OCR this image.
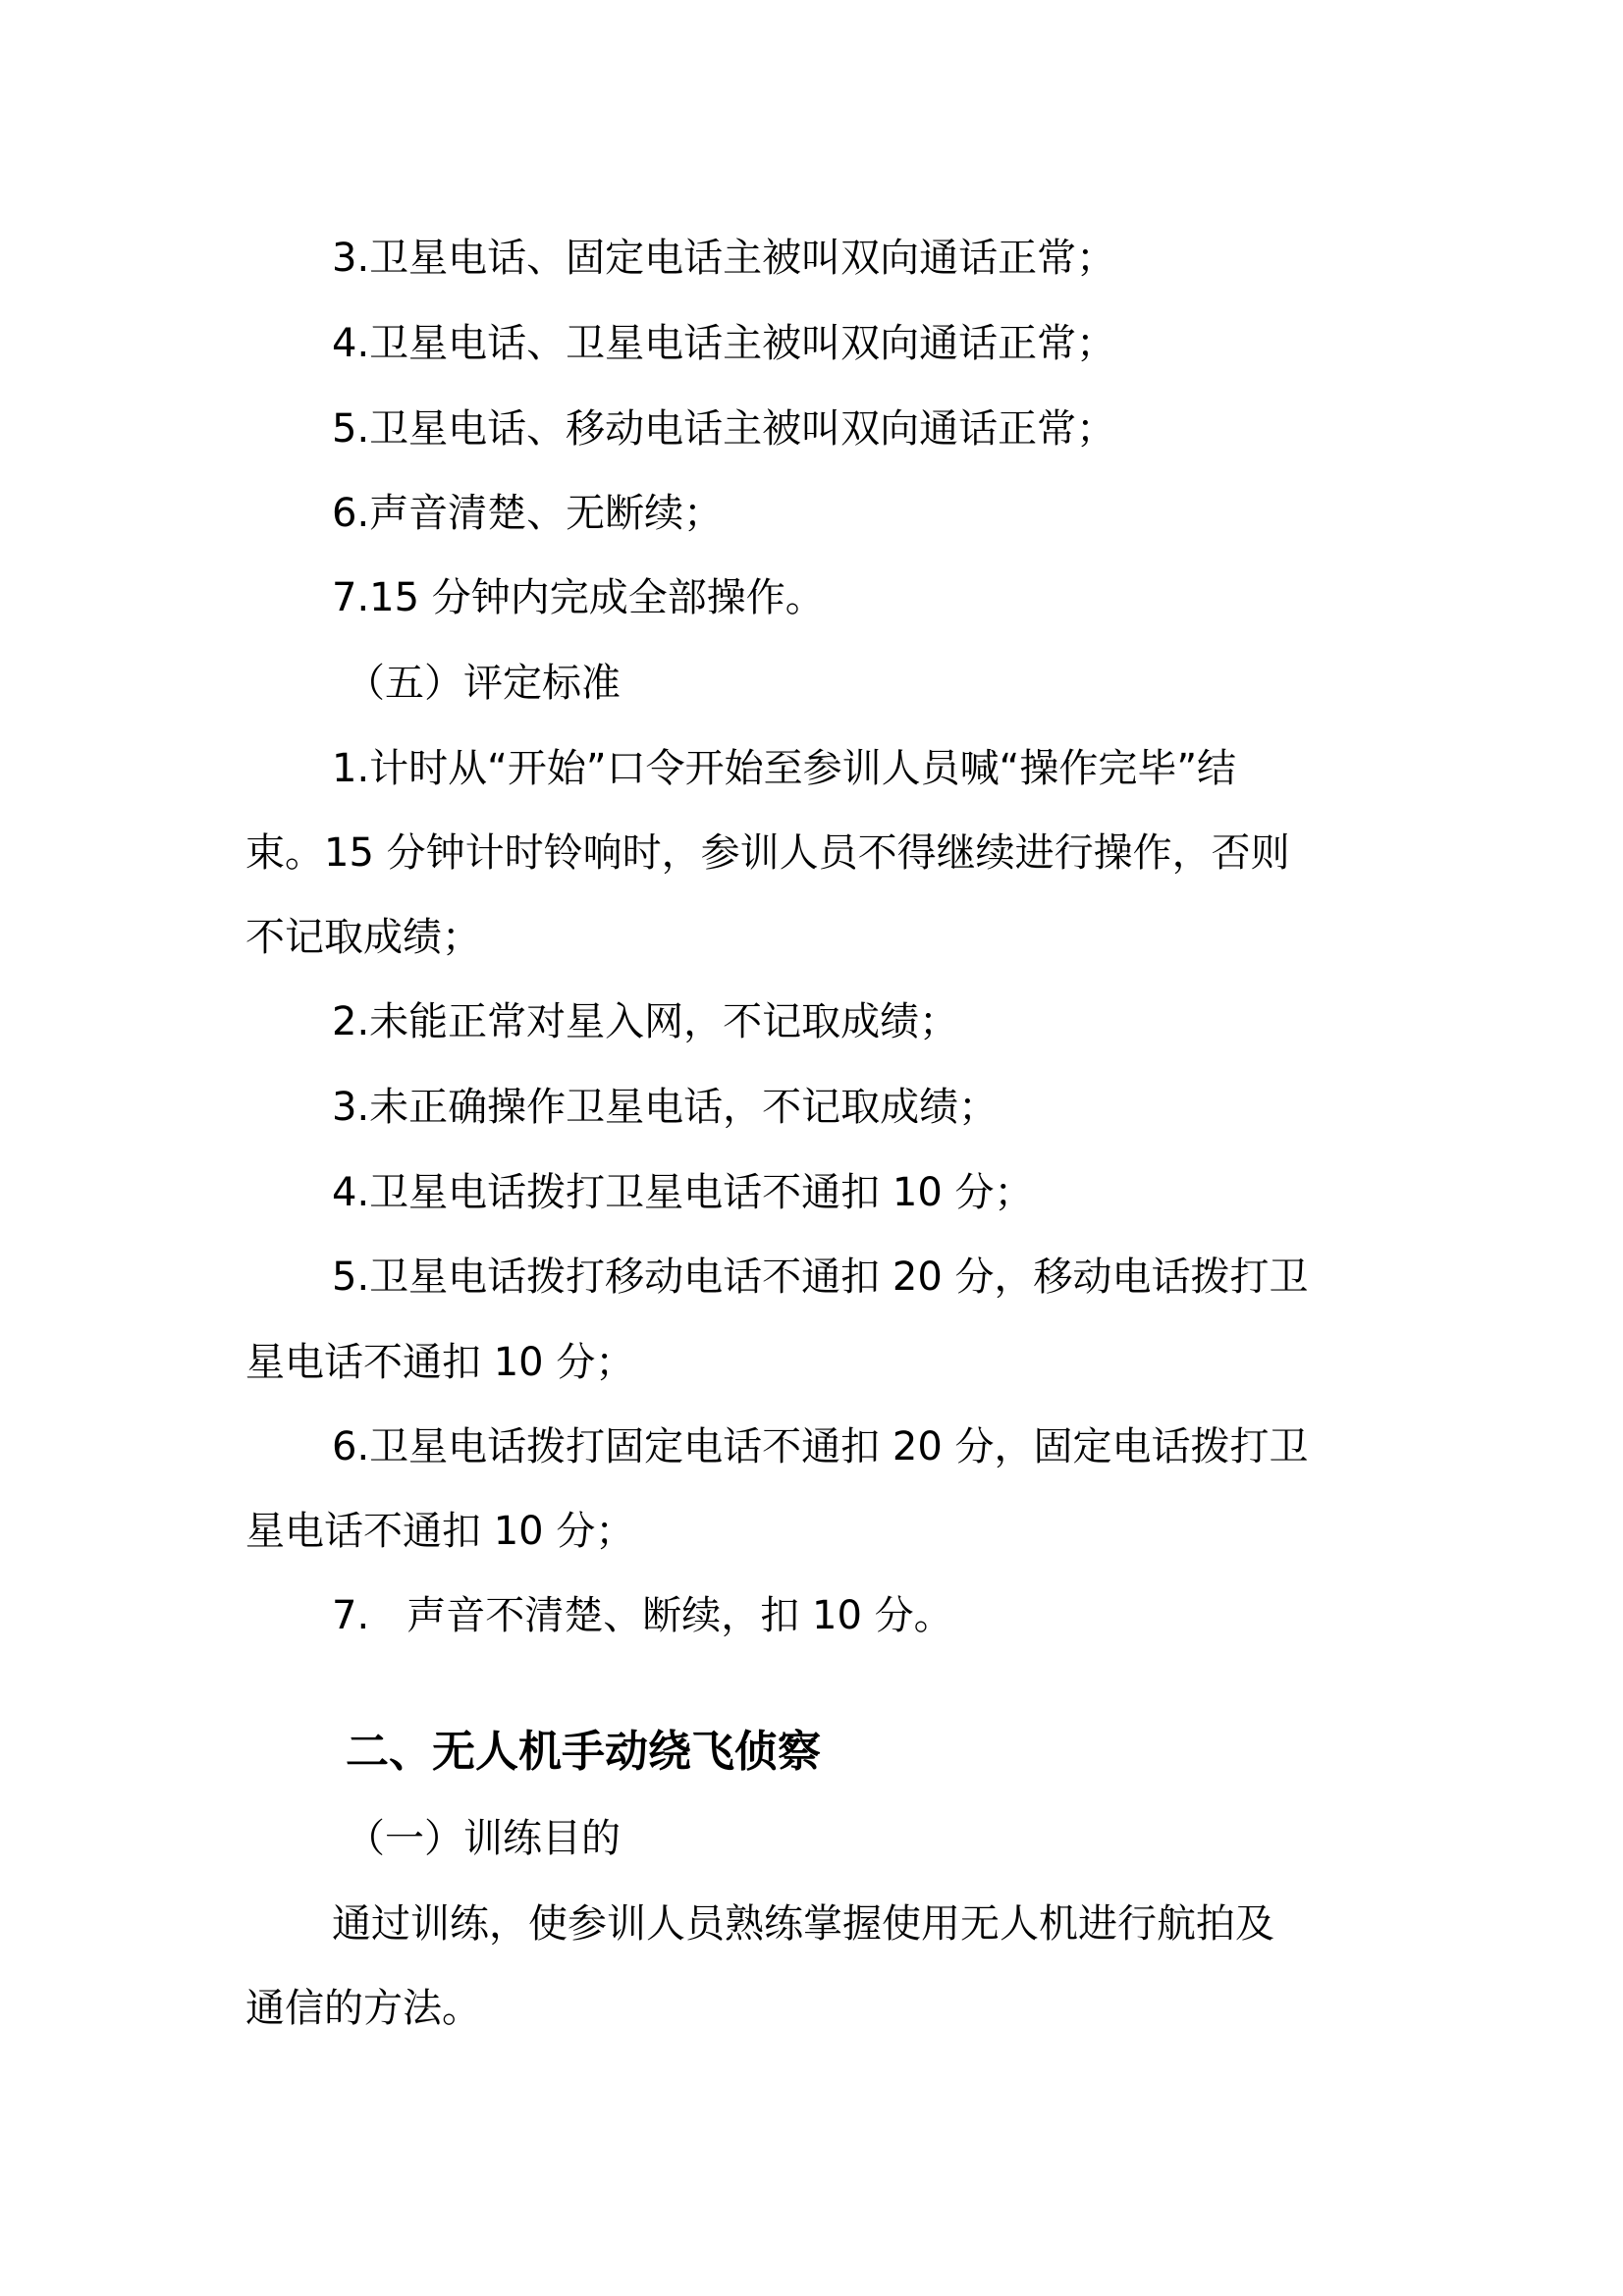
3.卫星电话、固定电话主被叫双向通话正常；
4.卫星电话、卫星电话主被叫双向通话正常；
5.卫星电话、移动电话主被叫双向通话正常；
6.声音清楚、无断续；
7.15 分钟内完成全部操作。
（五）评定标准
1.计时从“开始”口令开始至参训人员喊“操作完毕”结
束。15 分钟计时铃响时，参训人员不得继续进行操作，否则
不记取成绩；
2.未能正常对星入网，不记取成绩；
3.未正确操作卫星电话，不记取成绩；
4.卫星电话拨打卫星电话不通扣 10 分；
5.卫星电话拨打移动电话不通扣 20 分，移动电话拨打卫
星电话不通扣 10 分；
6.卫星电话拨打固定电话不通扣 20 分，固定电话拨打卫
星电话不通扣 10 分；
7.   声音不清楚、断续，扣 10 分。
二、无人机手动绕飞侦察
（一）训练目的
通过训练，使参训人员熟练掌握使用无人机进行航拍及
通信的方法。
